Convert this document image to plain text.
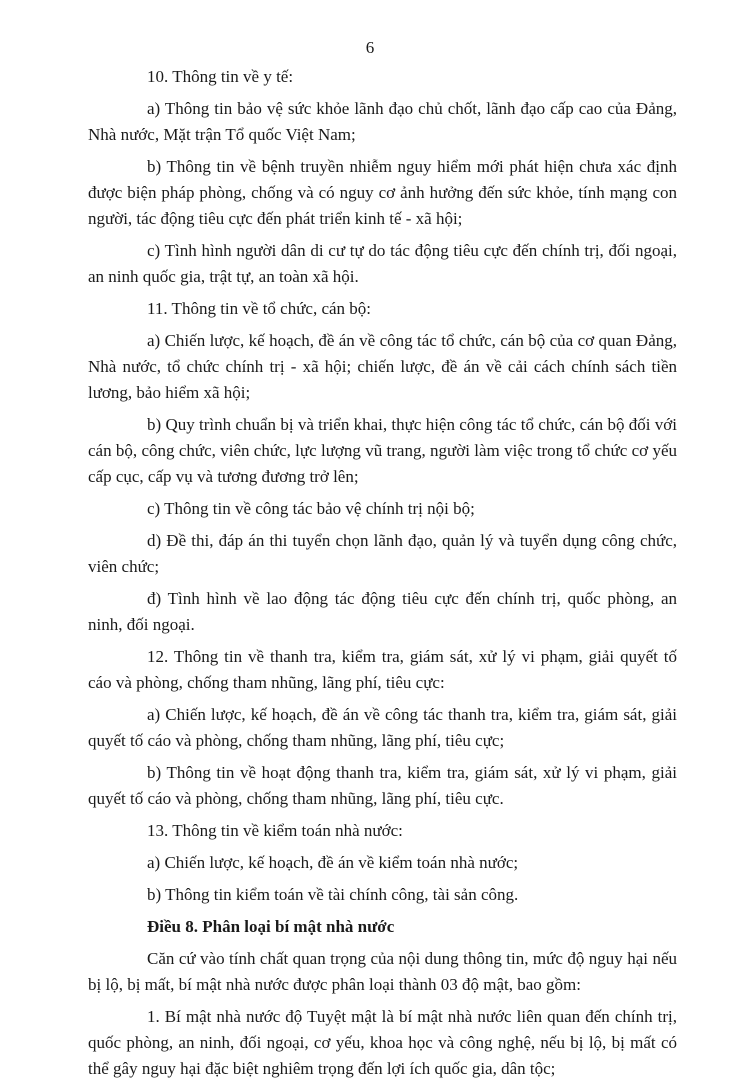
6

10. Thông tin về y tế:

a) Thông tin bảo vệ sức khỏe lãnh đạo chủ chốt, lãnh đạo cấp cao của Đảng, Nhà nước, Mặt trận Tổ quốc Việt Nam;

b) Thông tin về bệnh truyền nhiễm nguy hiểm mới phát hiện chưa xác định được biện pháp phòng, chống và có nguy cơ ảnh hưởng đến sức khỏe, tính mạng con người, tác động tiêu cực đến phát triển kinh tế - xã hội;

c) Tình hình người dân di cư tự do tác động tiêu cực đến chính trị, đối ngoại, an ninh quốc gia, trật tự, an toàn xã hội.

11. Thông tin về tổ chức, cán bộ:

a) Chiến lược, kế hoạch, đề án về công tác tổ chức, cán bộ của cơ quan Đảng, Nhà nước, tổ chức chính trị - xã hội; chiến lược, đề án về cải cách chính sách tiền lương, bảo hiểm xã hội;

b) Quy trình chuẩn bị và triển khai, thực hiện công tác tổ chức, cán bộ đối với cán bộ, công chức, viên chức, lực lượng vũ trang, người làm việc trong tổ chức cơ yếu cấp cục, cấp vụ và tương đương trở lên;

c) Thông tin về công tác bảo vệ chính trị nội bộ;

d) Đề thi, đáp án thi tuyển chọn lãnh đạo, quản lý và tuyển dụng công chức, viên chức;

đ) Tình hình về lao động tác động tiêu cực đến chính trị, quốc phòng, an ninh, đối ngoại.

12. Thông tin về thanh tra, kiểm tra, giám sát, xử lý vi phạm, giải quyết tố cáo và phòng, chống tham nhũng, lãng phí, tiêu cực:

a) Chiến lược, kế hoạch, đề án về công tác thanh tra, kiểm tra, giám sát, giải quyết tố cáo và phòng, chống tham nhũng, lãng phí, tiêu cực;

b) Thông tin về hoạt động thanh tra, kiểm tra, giám sát, xử lý vi phạm, giải quyết tố cáo và phòng, chống tham nhũng, lãng phí, tiêu cực.

13. Thông tin về kiểm toán nhà nước:

a) Chiến lược, kế hoạch, đề án về kiểm toán nhà nước;

b) Thông tin kiểm toán về tài chính công, tài sản công.

Điều 8. Phân loại bí mật nhà nước

Căn cứ vào tính chất quan trọng của nội dung thông tin, mức độ nguy hại nếu bị lộ, bị mất, bí mật nhà nước được phân loại thành 03 độ mật, bao gồm:

1. Bí mật nhà nước độ Tuyệt mật là bí mật nhà nước liên quan đến chính trị, quốc phòng, an ninh, đối ngoại, cơ yếu, khoa học và công nghệ, nếu bị lộ, bị mất có thể gây nguy hại đặc biệt nghiêm trọng đến lợi ích quốc gia, dân tộc;
